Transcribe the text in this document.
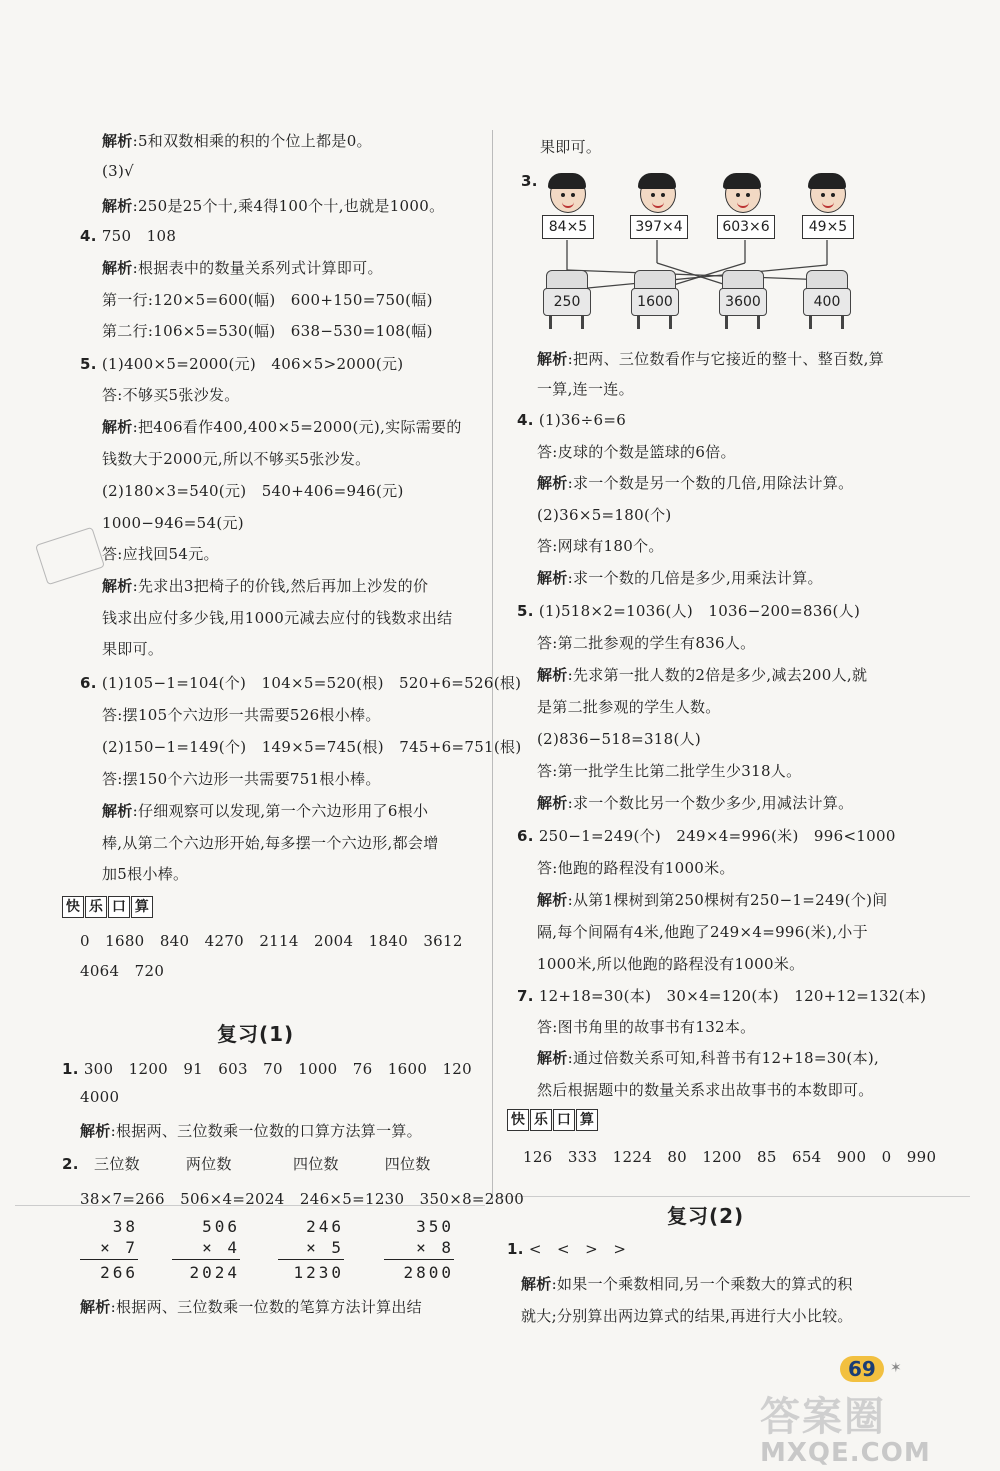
解析:5和双数相乘的积的个位上都是0。
(3)√
解析:250是25个十,乘4得100个十,也就是1000。
4. 750　108
解析:根据表中的数量关系列式计算即可。
第一行:120×5=600(幅)　600+150=750(幅)
第二行:106×5=530(幅)　638−530=108(幅)
5. (1)400×5=2000(元)　406×5>2000(元)
答:不够买5张沙发。
解析:把406看作400,400×5=2000(元),实际需要的
钱数大于2000元,所以不够买5张沙发。
(2)180×3=540(元)　540+406=946(元)
1000−946=54(元)
答:应找回54元。
解析:先求出3把椅子的价钱,然后再加上沙发的价
钱求出应付多少钱,用1000元减去应付的钱数求出结
果即可。
6. (1)105−1=104(个)　104×5=520(根)　520+6=526(根)
答:摆105个六边形一共需要526根小棒。
(2)150−1=149(个)　149×5=745(根)　745+6=751(根)
答:摆150个六边形一共需要751根小棒。
解析:仔细观察可以发现,第一个六边形用了6根小
棒,从第二个六边形开始,每多摆一个六边形,都会增
加5根小棒。
快 乐 口 算
0　1680　840　4270　2114　2004　1840　3612
4064　720
复习(1)
1. 300　1200　91　603　70　1000　76　1600　120
4000
解析:根据两、三位数乘一位数的口算方法算一算。
2.　三位数　　　两位数　　　　四位数　　　四位数
38×7=266　506×4=2024　246×5=1230　350×8=2800
38
× 7
266
506
× 4
2024
246
× 5
1230
350
× 8
2800
解析:根据两、三位数乘一位数的笔算方法计算出结
果即可。
3.
84×5	397×4	603×6	49×5
250	1600	3600	400
解析:把两、三位数看作与它接近的整十、整百数,算
一算,连一连。
4. (1)36÷6=6
答:皮球的个数是篮球的6倍。
解析:求一个数是另一个数的几倍,用除法计算。
(2)36×5=180(个)
答:网球有180个。
解析:求一个数的几倍是多少,用乘法计算。
5. (1)518×2=1036(人)　1036−200=836(人)
答:第二批参观的学生有836人。
解析:先求第一批人数的2倍是多少,减去200人,就
是第二批参观的学生人数。
(2)836−518=318(人)
答:第一批学生比第二批学生少318人。
解析:求一个数比另一个数少多少,用减法计算。
6. 250−1=249(个)　249×4=996(米)　996<1000
答:他跑的路程没有1000米。
解析:从第1棵树到第250棵树有250−1=249(个)间
隔,每个间隔有4米,他跑了249×4=996(米),小于
1000米,所以他跑的路程没有1000米。
7. 12+18=30(本)　30×4=120(本)　120+12=132(本)
答:图书角里的故事书有132本。
解析:通过倍数关系可知,科普书有12+18=30(本),
然后根据题中的数量关系求出故事书的本数即可。
快 乐 口 算
126　333　1224　80　1200　85　654　900　0　990
复习(2)
1. <　<　>　>
解析:如果一个乘数相同,另一个乘数大的算式的积
就大;分别算出两边算式的结果,再进行大小比较。
69	✶
答案圈
MXQE.COM
